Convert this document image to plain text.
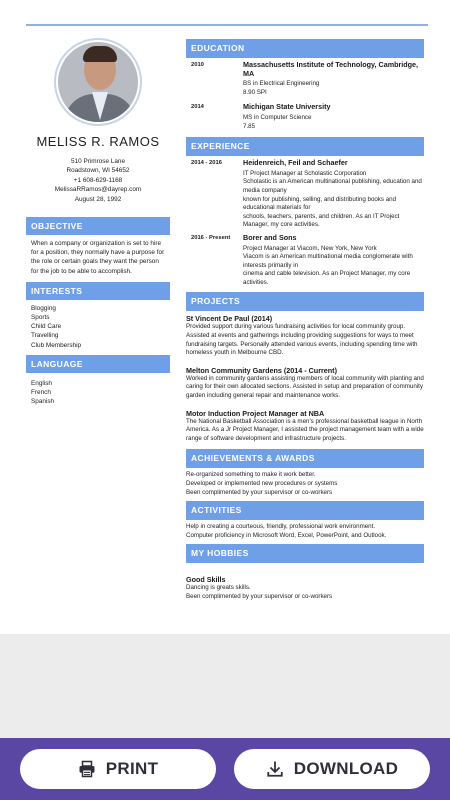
MELISS R. RAMOS
510 Primrose Lane
Roadstown, WI 54652
+1 608-629-1168
MelissaRRamos@dayrep.com
August 28, 1992
OBJECTIVE
When a company or organization is set to hire for a position, they normally have a purpose for the role or certain goals they want the person for the job to be able to accomplish.
INTERESTS
Blogging
Sports
Child Care
Travelling
Club Membership
LANGUAGE
English
French
Spanish
EDUCATION
2010	Massachusetts Institute of Technology, Cambridge, MA
BS in Electrical Engineering
8.90 SPI
2014	Michigan State University
MS in Computer Science
7.85
EXPERIENCE
2014 - 2016	Heidenreich, Feil and Schaefer
IT Project Manager at Scholastic Corporation
Scholastic is an American multinational publishing, education and media company
known for publishing, selling, and distributing books and educational materials for
schools, teachers, parents, and children. As an IT Project Manager, my core activities.
2016 - Present	Borer and Sons
Project Manager at Viacom, New York, New York
Viacom is an American multinational media conglomerate with interests primarily in
cinema and cable television. As an Project Manager, my core activities.
PROJECTS
St Vincent De Paul (2014)
Provided support during various fundraising activities for local community group. Assisted at events and gatherings including providing suggestions for ways to meet fundraising targets. Personally attended various events, including spending time with homeless youth in Melbourne CBD.
Melton Community Gardens (2014 - Current)
Worked in community gardens assisting members of local community with planting and caring for their own allocated sections. Assisted in setup and preparation of community garden including general repair and maintenance works.
Motor Induction Project Manager at NBA
The National Basketball Association is a men's professional basketball league in North
America. As a Jr Project Manager, I assisted the project management team with a wide
range of software development and infrastructure projects.
ACHIEVEMENTS & AWARDS
Re-organized something to make it work better.
Developed or implemented new procedures or systems
Been complimented by your supervisor or co-workers
ACTIVITIES
Help in creating a courteous, friendly, professional work environment.
Computer proficiency in Microsoft Word, Excel, PowerPoint, and Outlook.
MY HOBBIES
Good Skills
Dancing is greats skills.
Been complimented by your supervisor or co-workers
PRINT	DOWNLOAD
